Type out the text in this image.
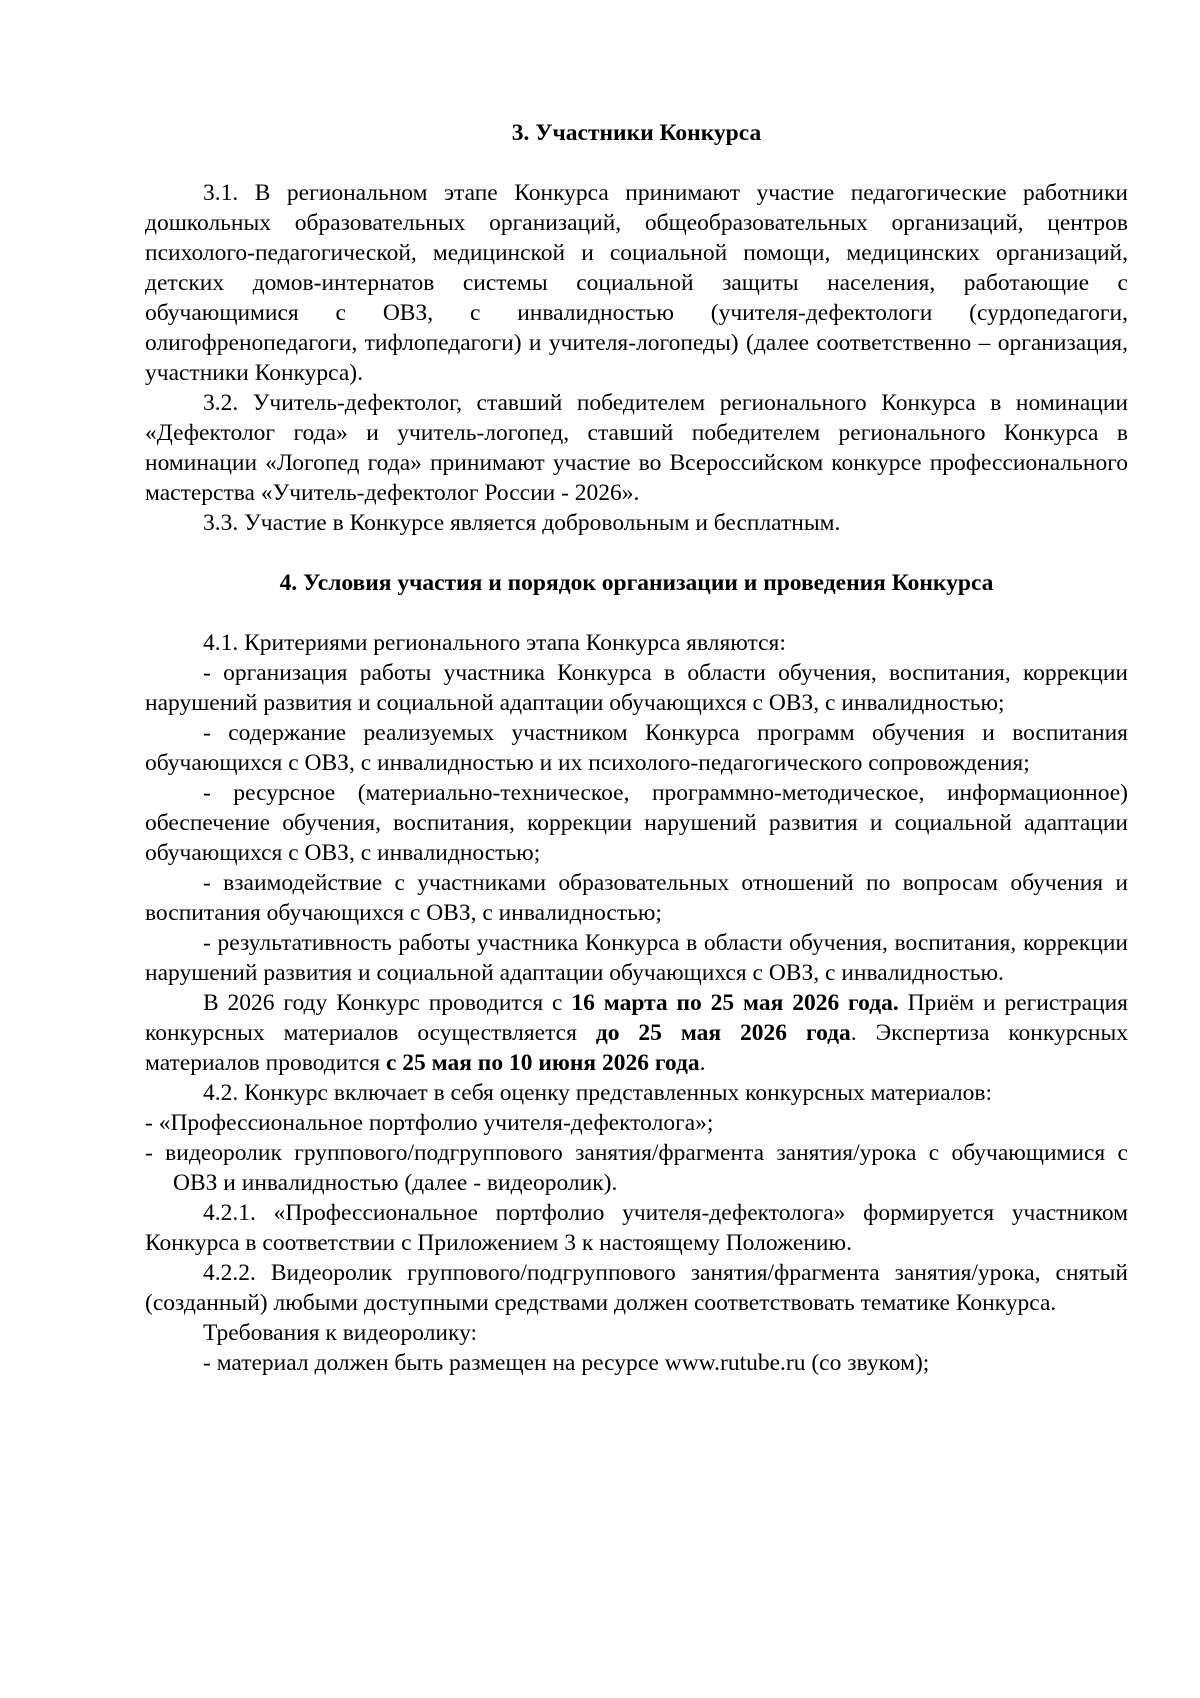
3. Участники Конкурса

3.1. В региональном этапе Конкурса принимают участие педагогические работники дошкольных образовательных организаций, общеобразовательных организаций, центров психолого-педагогической, медицинской и социальной помощи, медицинских организаций, детских домов-интернатов системы социальной защиты населения, работающие с обучающимися с ОВЗ, с инвалидностью (учителя-дефектологи (сурдопедагоги, олигофренопедагоги, тифлопедагоги) и учителя-логопеды) (далее соответственно – организация, участники Конкурса).

3.2. Учитель-дефектолог, ставший победителем регионального Конкурса в номинации «Дефектолог года» и учитель-логопед, ставший победителем регионального Конкурса в номинации «Логопед года» принимают участие во Всероссийском конкурсе профессионального мастерства «Учитель-дефектолог России - 2026».

3.3. Участие в Конкурсе является добровольным и бесплатным.

4. Условия участия и порядок организации и проведения Конкурса

4.1. Критериями регионального этапа Конкурса являются:

- организация работы участника Конкурса в области обучения, воспитания, коррекции нарушений развития и социальной адаптации обучающихся с ОВЗ, с инвалидностью;

- содержание реализуемых участником Конкурса программ обучения и воспитания обучающихся с ОВЗ, с инвалидностью и их психолого-педагогического сопровождения;

- ресурсное (материально-техническое, программно-методическое, информационное) обеспечение обучения, воспитания, коррекции нарушений развития и социальной адаптации обучающихся с ОВЗ, с инвалидностью;

- взаимодействие с участниками образовательных отношений по вопросам обучения и воспитания обучающихся с ОВЗ, с инвалидностью;

- результативность работы участника Конкурса в области обучения, воспитания, коррекции нарушений развития и социальной адаптации обучающихся с ОВЗ, с инвалидностью.

В 2026 году Конкурс проводится с 16 марта по 25 мая 2026 года. Приём и регистрация конкурсных материалов осуществляется до 25 мая 2026 года. Экспертиза конкурсных материалов проводится с 25 мая по 10 июня 2026 года.

4.2. Конкурс включает в себя оценку представленных конкурсных материалов:

- «Профессиональное портфолио учителя-дефектолога»;

- видеоролик группового/подгруппового занятия/фрагмента занятия/урока с обучающимися с ОВЗ и инвалидностью (далее - видеоролик).

4.2.1. «Профессиональное портфолио учителя-дефектолога» формируется участником Конкурса в соответствии с Приложением 3 к настоящему Положению.

4.2.2. Видеоролик группового/подгруппового занятия/фрагмента занятия/урока, снятый (созданный) любыми доступными средствами должен соответствовать тематике Конкурса.

Требования к видеоролику:

- материал должен быть размещен на ресурсе www.rutube.ru (со звуком);
